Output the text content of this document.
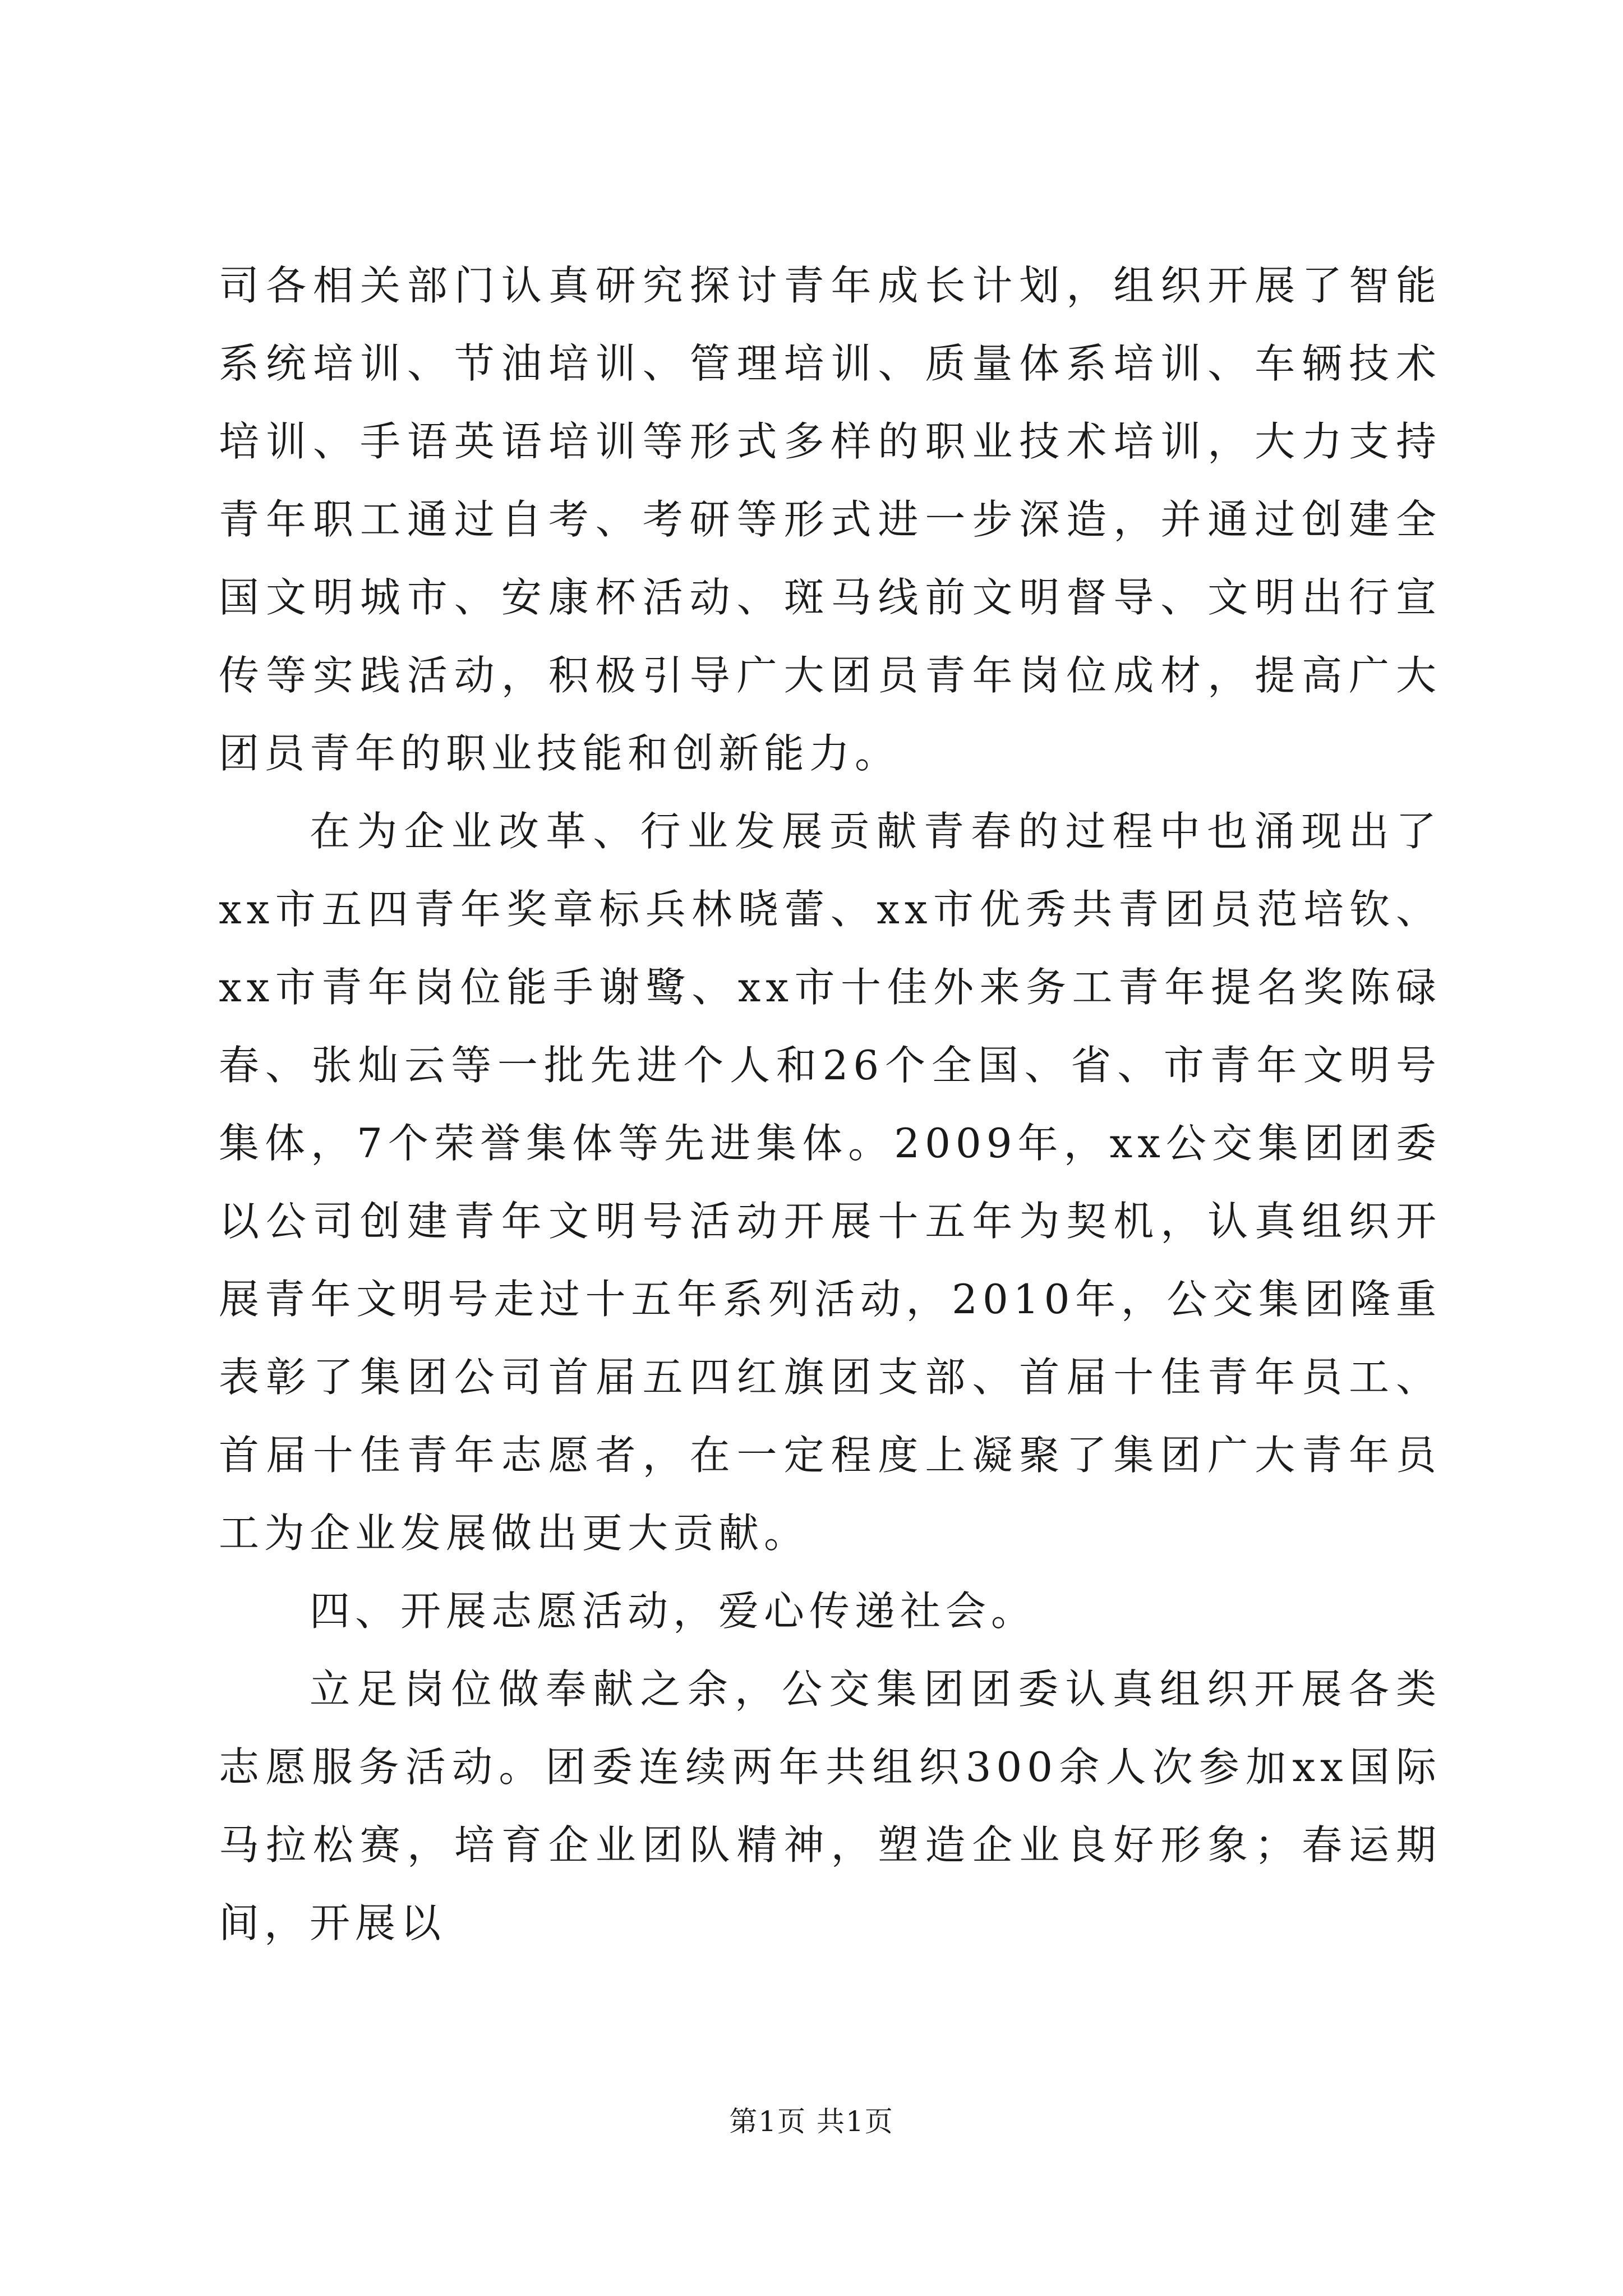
司各相关部门认真研究探讨青年成长计划，组织开展了智能系统培训、节油培训、管理培训、质量体系培训、车辆技术培训、手语英语培训等形式多样的职业技术培训，大力支持青年职工通过自考、考研等形式进一步深造，并通过创建全国文明城市、安康杯活动、斑马线前文明督导、文明出行宣传等实践活动，积极引导广大团员青年岗位成材，提高广大团员青年的职业技能和创新能力。

在为企业改革、行业发展贡献青春的过程中也涌现出了xx市五四青年奖章标兵林晓蕾、xx市优秀共青团员范培钦、xx市青年岗位能手谢鹭、xx市十佳外来务工青年提名奖陈碌春、张灿云等一批先进个人和26个全国、省、市青年文明号集体，7个荣誉集体等先进集体。2009年，xx公交集团团委以公司创建青年文明号活动开展十五年为契机，认真组织开展青年文明号走过十五年系列活动，2010年，公交集团隆重表彰了集团公司首届五四红旗团支部、首届十佳青年员工、首届十佳青年志愿者，在一定程度上凝聚了集团广大青年员工为企业发展做出更大贡献。

四、开展志愿活动，爱心传递社会。

立足岗位做奉献之余，公交集团团委认真组织开展各类志愿服务活动。团委连续两年共组织300余人次参加xx国际马拉松赛，培育企业团队精神，塑造企业良好形象；春运期间，开展以

第1页 共1页
